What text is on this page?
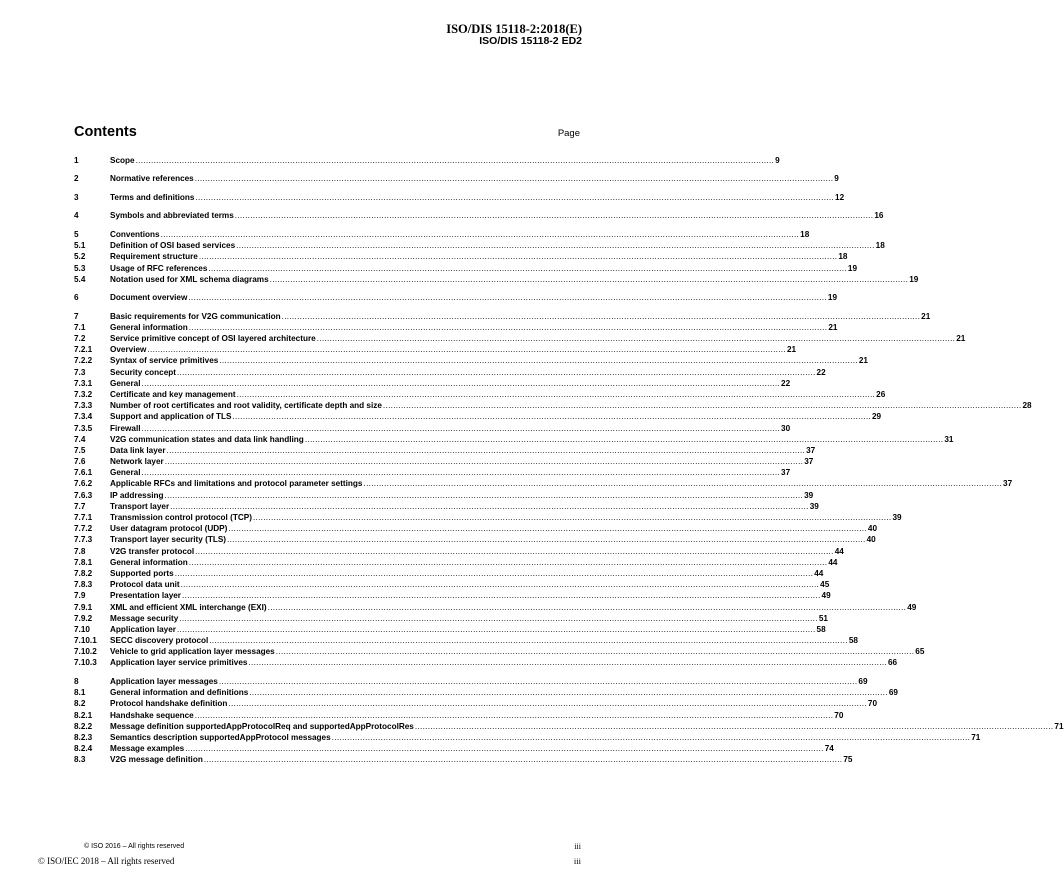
ISO/DIS 15118-2:2018(E)
ISO/DIS 15118-2 ED2
Contents	Page
1	Scope .....	9
2	Normative references .....	9
3	Terms and definitions .....	12
4	Symbols and abbreviated terms .....	16
5	Conventions .....	18
5.1	Definition of OSI based services .....	18
5.2	Requirement structure .....	18
5.3	Usage of RFC references .....	19
5.4	Notation used for XML schema diagrams .....	19
6	Document overview .....	19
7	Basic requirements for V2G communication .....	21
7.1	General information .....	21
7.2	Service primitive concept of OSI layered architecture .....	21
7.2.1	Overview .....	21
7.2.2	Syntax of service primitives .....	21
7.3	Security concept .....	22
7.3.1	General .....	22
7.3.2	Certificate and key management .....	26
7.3.3	Number of root certificates and root validity, certificate depth and size .....	28
7.3.4	Support and application of TLS .....	29
7.3.5	Firewall .....	30
7.4	V2G communication states and data link handling .....	31
7.5	Data link layer .....	37
7.6	Network layer .....	37
7.6.1	General .....	37
7.6.2	Applicable RFCs and limitations and protocol parameter settings .....	37
7.6.3	IP addressing .....	39
7.7	Transport layer .....	39
7.7.1	Transmission control protocol (TCP) .....	39
7.7.2	User datagram protocol (UDP) .....	40
7.7.3	Transport layer security (TLS) .....	40
7.8	V2G transfer protocol .....	44
7.8.1	General information .....	44
7.8.2	Supported ports .....	44
7.8.3	Protocol data unit .....	45
7.9	Presentation layer .....	49
7.9.1	XML and efficient XML interchange (EXI) .....	49
7.9.2	Message security .....	51
7.10	Application layer .....	58
7.10.1	SECC discovery protocol .....	58
7.10.2	Vehicle to grid application layer messages .....	65
7.10.3	Application layer service primitives .....	66
8	Application layer messages .....	69
8.1	General information and definitions .....	69
8.2	Protocol handshake definition .....	70
8.2.1	Handshake sequence .....	70
8.2.2	Message definition supportedAppProtocolReq and supportedAppProtocolRes .....	71
8.2.3	Semantics description supportedAppProtocol messages .....	71
8.2.4	Message examples .....	74
8.3	V2G message definition .....	75
© ISO 2016 – All rights reserved	iii
© ISO/IEC 2018 – All rights reserved	iii
